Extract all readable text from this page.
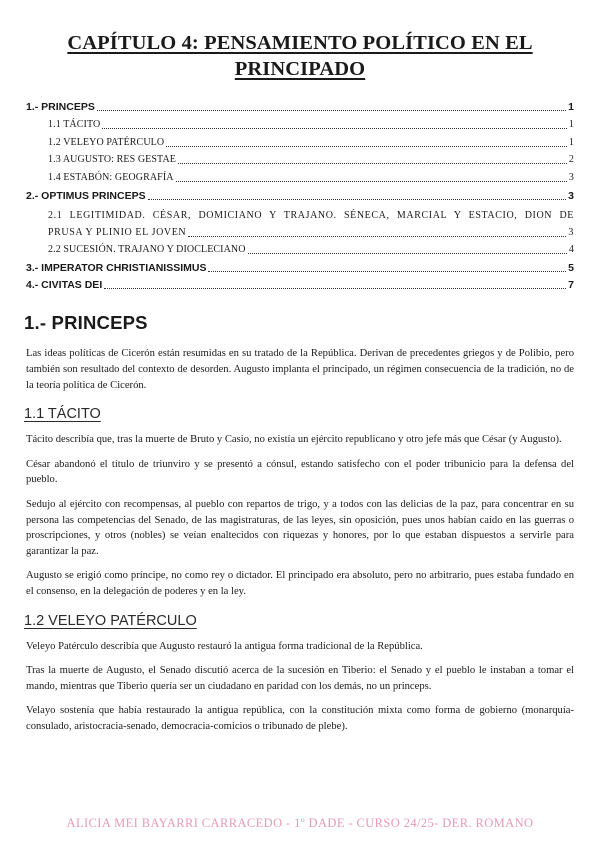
CAPÍTULO 4: PENSAMIENTO POLÍTICO EN EL PRINCIPADO
1.- PRINCEPS	1
1.1 TÁCITO	1
1.2 VELEYO PATÉRCULO	1
1.3 AUGUSTO: RES GESTAE	2
1.4 ESTABÓN: GEOGRAFÍA	3
2.- OPTIMUS PRINCEPS	3
2.1 LEGITIMIDAD. CÉSAR, DOMICIANO Y TRAJANO. SÉNECA, MARCIAL Y ESTACIO, DION DE
PRUSA Y PLINIO EL JOVEN	3
2.2 SUCESIÓN. TRAJANO Y DIOCLECIANO	4
3.- IMPERATOR CHRISTIANISSIMUS	5
4.- CIVITAS DEI	7
1.- PRINCEPS

Las ideas políticas de Cicerón están resumidas en su tratado de la República. Derivan de precedentes griegos y de Polibio, pero también son resultado del contexto de desorden. Augusto implanta el principado, un régimen consecuencia de la tradición, no de la teoría política de Cicerón.

1.1 TÁCITO

Tácito describía que, tras la muerte de Bruto y Casio, no existía un ejército republicano y otro jefe más que César (y Augusto).

César abandonó el título de triunviro y se presentó a cónsul, estando satisfecho con el poder tribunicio para la defensa del pueblo.

Sedujo al ejército con recompensas, al pueblo con repartos de trigo, y a todos con las delicias de la paz, para concentrar en su persona las competencias del Senado, de las magistraturas, de las leyes, sin oposición, pues unos habían caído en las guerras o proscripciones, y otros (nobles) se veían enaltecidos con riquezas y honores, por lo que estaban dispuestos a servirle para garantizar la paz.

Augusto se erigió como príncipe, no como rey o dictador. El principado era absoluto, pero no arbitrario, pues estaba fundado en el consenso, en la delegación de poderes y en la ley.

1.2 VELEYO PATÉRCULO

Veleyo Patérculo describía que Augusto restauró la antigua forma tradicional de la República.

Tras la muerte de Augusto, el Senado discutió acerca de la sucesión en Tiberio: el Senado y el pueblo le instaban a tomar el mando, mientras que Tiberio quería ser un ciudadano en paridad con los demás, no un princeps.

Velayo sostenía que había restaurado la antigua república, con la constitución mixta como forma de gobierno (monarquía-consulado, aristocracia-senado, democracia-comicios o tribunado de plebe).

ALICIA MEI BAYARRI CARRACEDO - 1º DADE - CURSO 24/25- DER. ROMANO
